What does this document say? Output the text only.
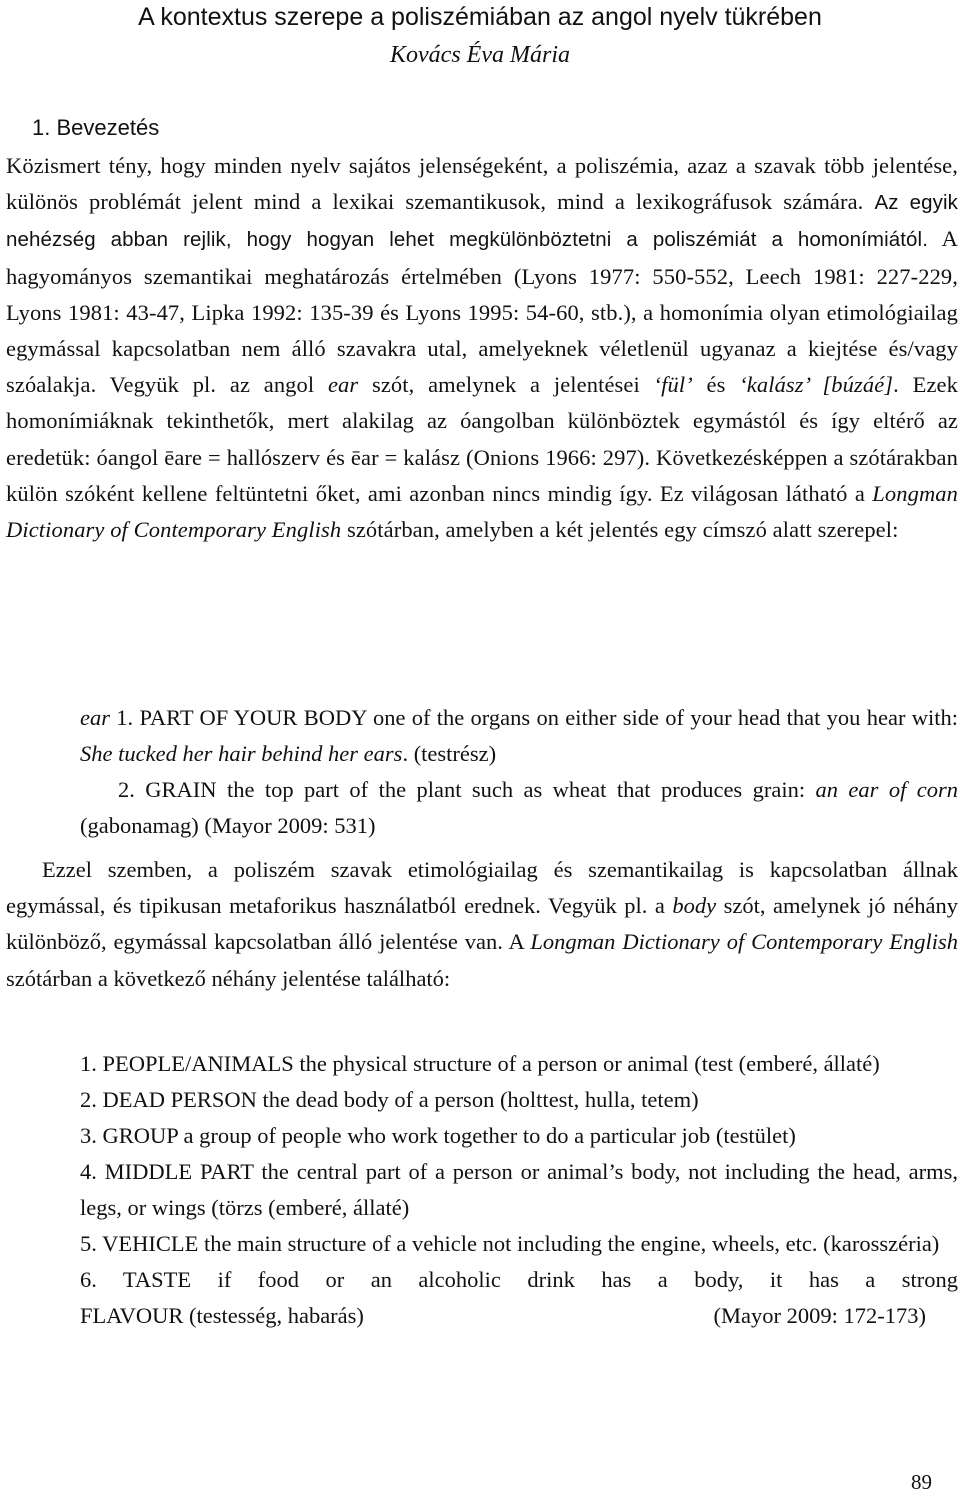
A kontextus szerepe a poliszémiában az angol nyelv tükrében
Kovács Éva Mária
1. Bevezetés

Közismert tény, hogy minden nyelv sajátos jelenségeként, a poliszémia, azaz a szavak több jelentése, különös problémát jelent mind a lexikai szemantikusok, mind a lexikográfusok számára. Az egyik nehézség abban rejlik, hogy hogyan lehet megkülönböztetni a poliszémiát a homonímiától. A hagyományos szemantikai meghatározás értelmében (Lyons 1977: 550-552, Leech 1981: 227-229, Lyons 1981: 43-47, Lipka 1992: 135-39 és Lyons 1995: 54-60, stb.), a homonímia olyan etimológiailag egymással kapcsolatban nem álló szavakra utal, amelyeknek véletlenül ugyanaz a kiejtése és/vagy szóalakja. Vegyük pl. az angol ear szót, amelynek a jelentései ‘fül’ és ‘kalász’ [búzáé]. Ezek homonímiáknak tekinthetők, mert alakilag az óangolban különböztek egymástól és így eltérő az eredetük: óangol ēare = hallószerv és ēar = kalász (Onions 1966: 297). Következésképpen a szótárakban külön szóként kellene feltüntetni őket, ami azonban nincs mindig így. Ez világosan látható a Longman Dictionary of Contemporary English szótárban, amelyben a két jelentés egy címszó alatt szerepel:

ear 1. PART OF YOUR BODY one of the organs on either side of your head that you hear with: She tucked her hair behind her ears. (testrész)

2. GRAIN the top part of the plant such as wheat that produces grain: an ear of corn (gabonamag) (Mayor 2009: 531)

Ezzel szemben, a poliszém szavak etimológiailag és szemantikailag is kapcsolatban állnak egymással, és tipikusan metaforikus használatból erednek. Vegyük pl. a body szót, amelynek jó néhány különböző, egymással kapcsolatban álló jelentése van. A Longman Dictionary of Contemporary English szótárban a következő néhány jelentése található:

1. PEOPLE/ANIMALS the physical structure of a person or animal (test (emberé, állaté)
2. DEAD PERSON the dead body of a person (holttest, hulla, tetem)
3. GROUP a group of people who work together to do a particular job (testület)
4. MIDDLE PART the central part of a person or animal’s body, not including the head, arms, legs, or wings (törzs (emberé, állaté)
5. VEHICLE the main structure of a vehicle not including the engine, wheels, etc. (karosszéria)
6. TASTE if food or an alcoholic drink has a body, it has a strong
FLAVOUR (testesség, habarás)	(Mayor 2009: 172-173)
89
